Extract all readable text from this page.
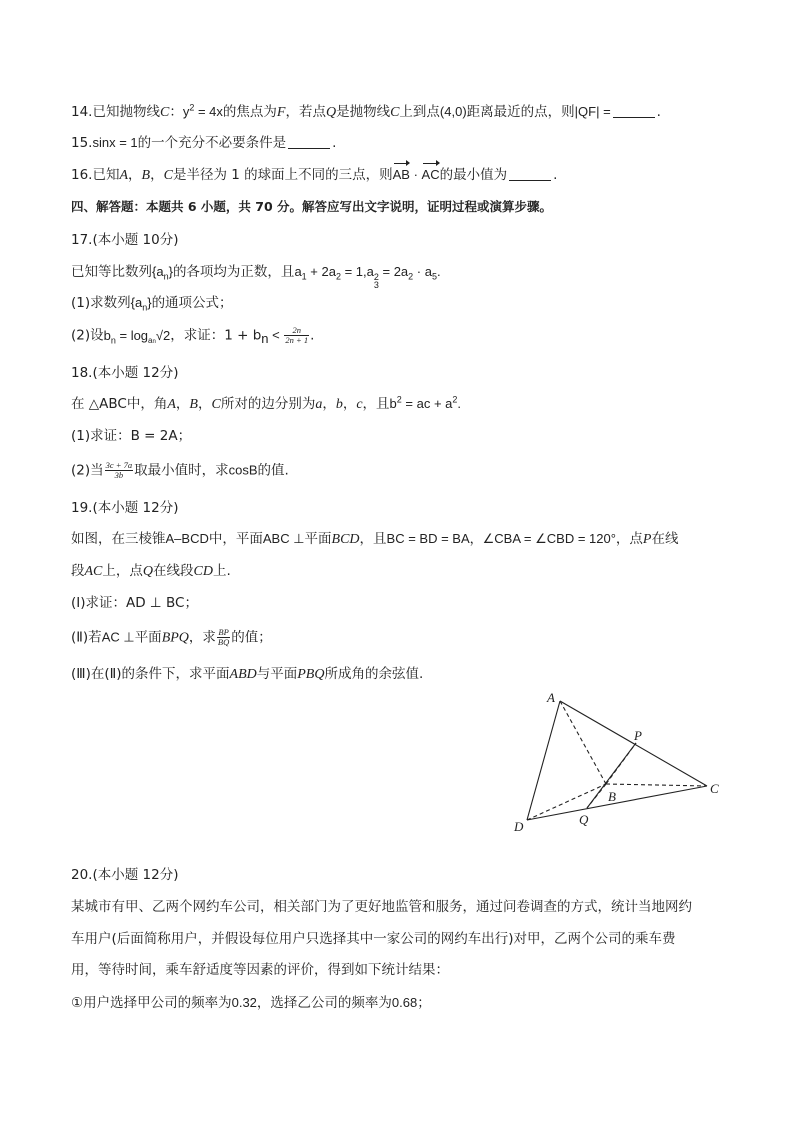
14.已知抛物线C：$y^2 = 4x$的焦点为F，若点Q是抛物线C上到点(4,0)距离最近的点，则|QF| =	.
15.sinx = 1的一个充分不必要条件是	.
16.已知A，B，C是半径为 1 的球面上不同的三点，则AB · AC的最小值为	.
四、解答题：本题共 6 小题，共 70 分。解答应写出文字说明，证明过程或演算步骤。
17.(本小题 10分)
已知等比数列$\{a_n\}$的各项均为正数，且$a_1 + 2a_2 = 1,a$ 2
3
= $2a_2 \cdot a_5$.
(1)求数列$\{a_n\}$的通项公式；
(2)设$b_n = \log_{an}√2$，求证：$1 + b_n < \frac{2n}{2n + 1}$ .
18.(本小题 12分)
在 △ABC中，角A，B，C所对的边分别为a，b，c，且$b^2$ = ac + $a^2$.
(1)求证：B = 2A；
(2)当 $\frac{3c + 7a}{3b}$ 取最小值时，求cosB的值.
19.(本小题 12分)
如图，在三棱锥A–BCD中，平面ABC ⊥平面BCD，且BC = BD = BA，∠CBA = ∠CBD = 120°，点P在线
段AC上，点Q在线段CD上.
(Ⅰ)求证：AD ⊥ BC；
(Ⅱ)若AC ⊥平面BPQ，求 $\frac{BP}{BQ}$ 的值；
(Ⅲ)在(Ⅱ)的条件下，求平面ABD与平面PBQ所成角的余弦值.
A
P
C
B
Q
D
20.(本小题 12分)
某城市有甲、乙两个网约车公司，相关部门为了更好地监管和服务，通过问卷调查的方式，统计当地网约
车用户(后面简称用户，并假设每位用户只选择其中一家公司的网约车出行)对甲，乙两个公司的乘车费
用，等待时间，乘车舒适度等因素的评价，得到如下统计结果：
①用户选择甲公司的频率为0.32，选择乙公司的频率为0.68；
